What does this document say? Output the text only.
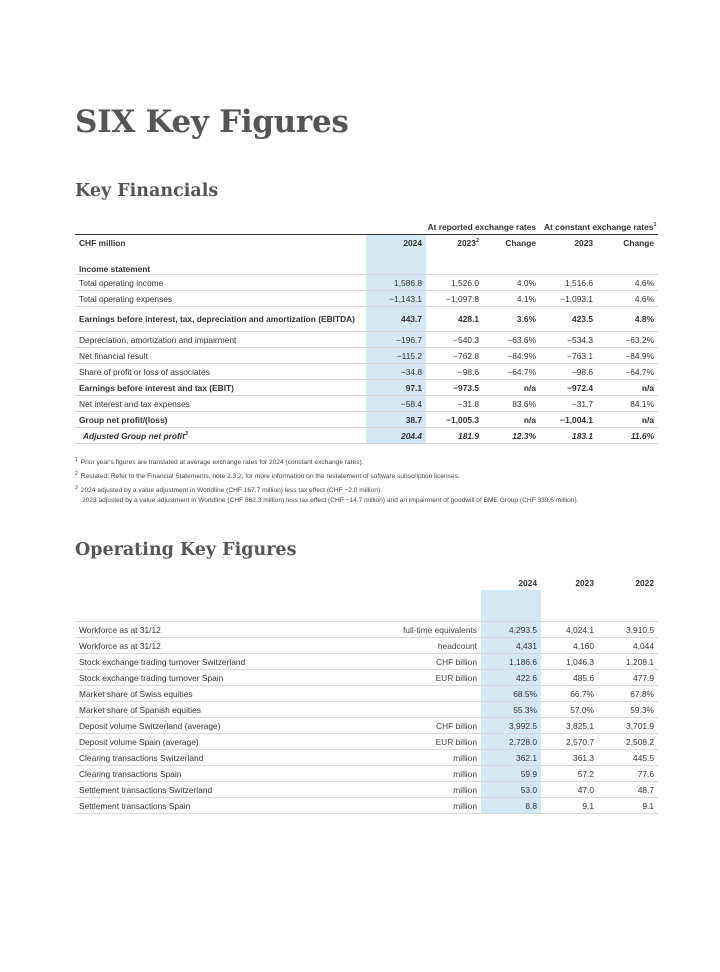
SIX Key Figures
Key Financials
	At reported exchange rates			At constant exchange rates$^1$
CHF million	2024	2023$^2$	Change	2023	Change

Income statement					
Total operating income	1,586.8	1,526.0	4.0%	1,516.6	4.6%
Total operating expenses	−1,143.1	−1,097.8	4.1%	−1,093.1	4.6%
Earnings before interest, tax, depreciation and amortization (EBITDA)	443.7	428.1	3.6%	423.5	4.8%
Depreciation, amortization and impairment	−196.7	−540.3	−63.6%	−534.3	−63.2%
Net financial result	−115.2	−762.8	−84.9%	−763.1	−84.9%
Share of profit or loss of associates	−34.8	−98.6	−64.7%	−98.6	−64.7%
Earnings before interest and tax (EBIT)	97.1	−973.5	n/a	−972.4	n/a
Net interest and tax expenses	−58.4	−31.8	83.6%	−31.7	84.1%
Group net profit/(loss)	38.7	−1,005.3	n/a	−1,004.1	n/a
Adjusted Group net profit$^3$	204.4	181.9	12.3%	183.1	11.6%
$^1$ Prior year's figures are translated at average exchange rates for 2024 (constant exchange rates).
$^2$ Restated: Refer to the Financial Statements, note 2.3.2, for more information on the restatement of software subscription licenses.
$^3$ 2024 adjusted by a value adjustment in Worldline (CHF 167.7 million) less tax effect (CHF −2.0 million).
2023 adjusted by a value adjustment in Worldline (CHF 862.3 million) less tax effect (CHF −14.7 million) and an impairment of goodwill of BME Group (CHF 339.6 million).
Operating Key Figures
		2024	2023	2022

Workforce as at 31/12	full-time equivalents	4,293.5	4,024.1	3,910.5
Workforce as at 31/12	headcount	4,431	4,160	4,044
Stock exchange trading turnover Switzerland	CHF billion	1,186.6	1,046.3	1,208.1
Stock exchange trading turnover Spain	EUR billion	422.6	485.6	477.9
Market share of Swiss equities		68.5%	66.7%	67.8%
Market share of Spanish equities		55.3%	57.0%	59.3%
Deposit volume Switzerland (average)	CHF billion	3,992.5	3,825.1	3,701.9
Deposit volume Spain (average)	EUR billion	2,728.0	2,570.7	2,508.2
Clearing transactions Switzerland	million	362.1	361.3	445.5
Clearing transactions Spain	million	59.9	57.2	77.6
Settlement transactions Switzerland	million	53.0	47.0	48.7
Settlement transactions Spain	million	8.8	9.1	9.1
